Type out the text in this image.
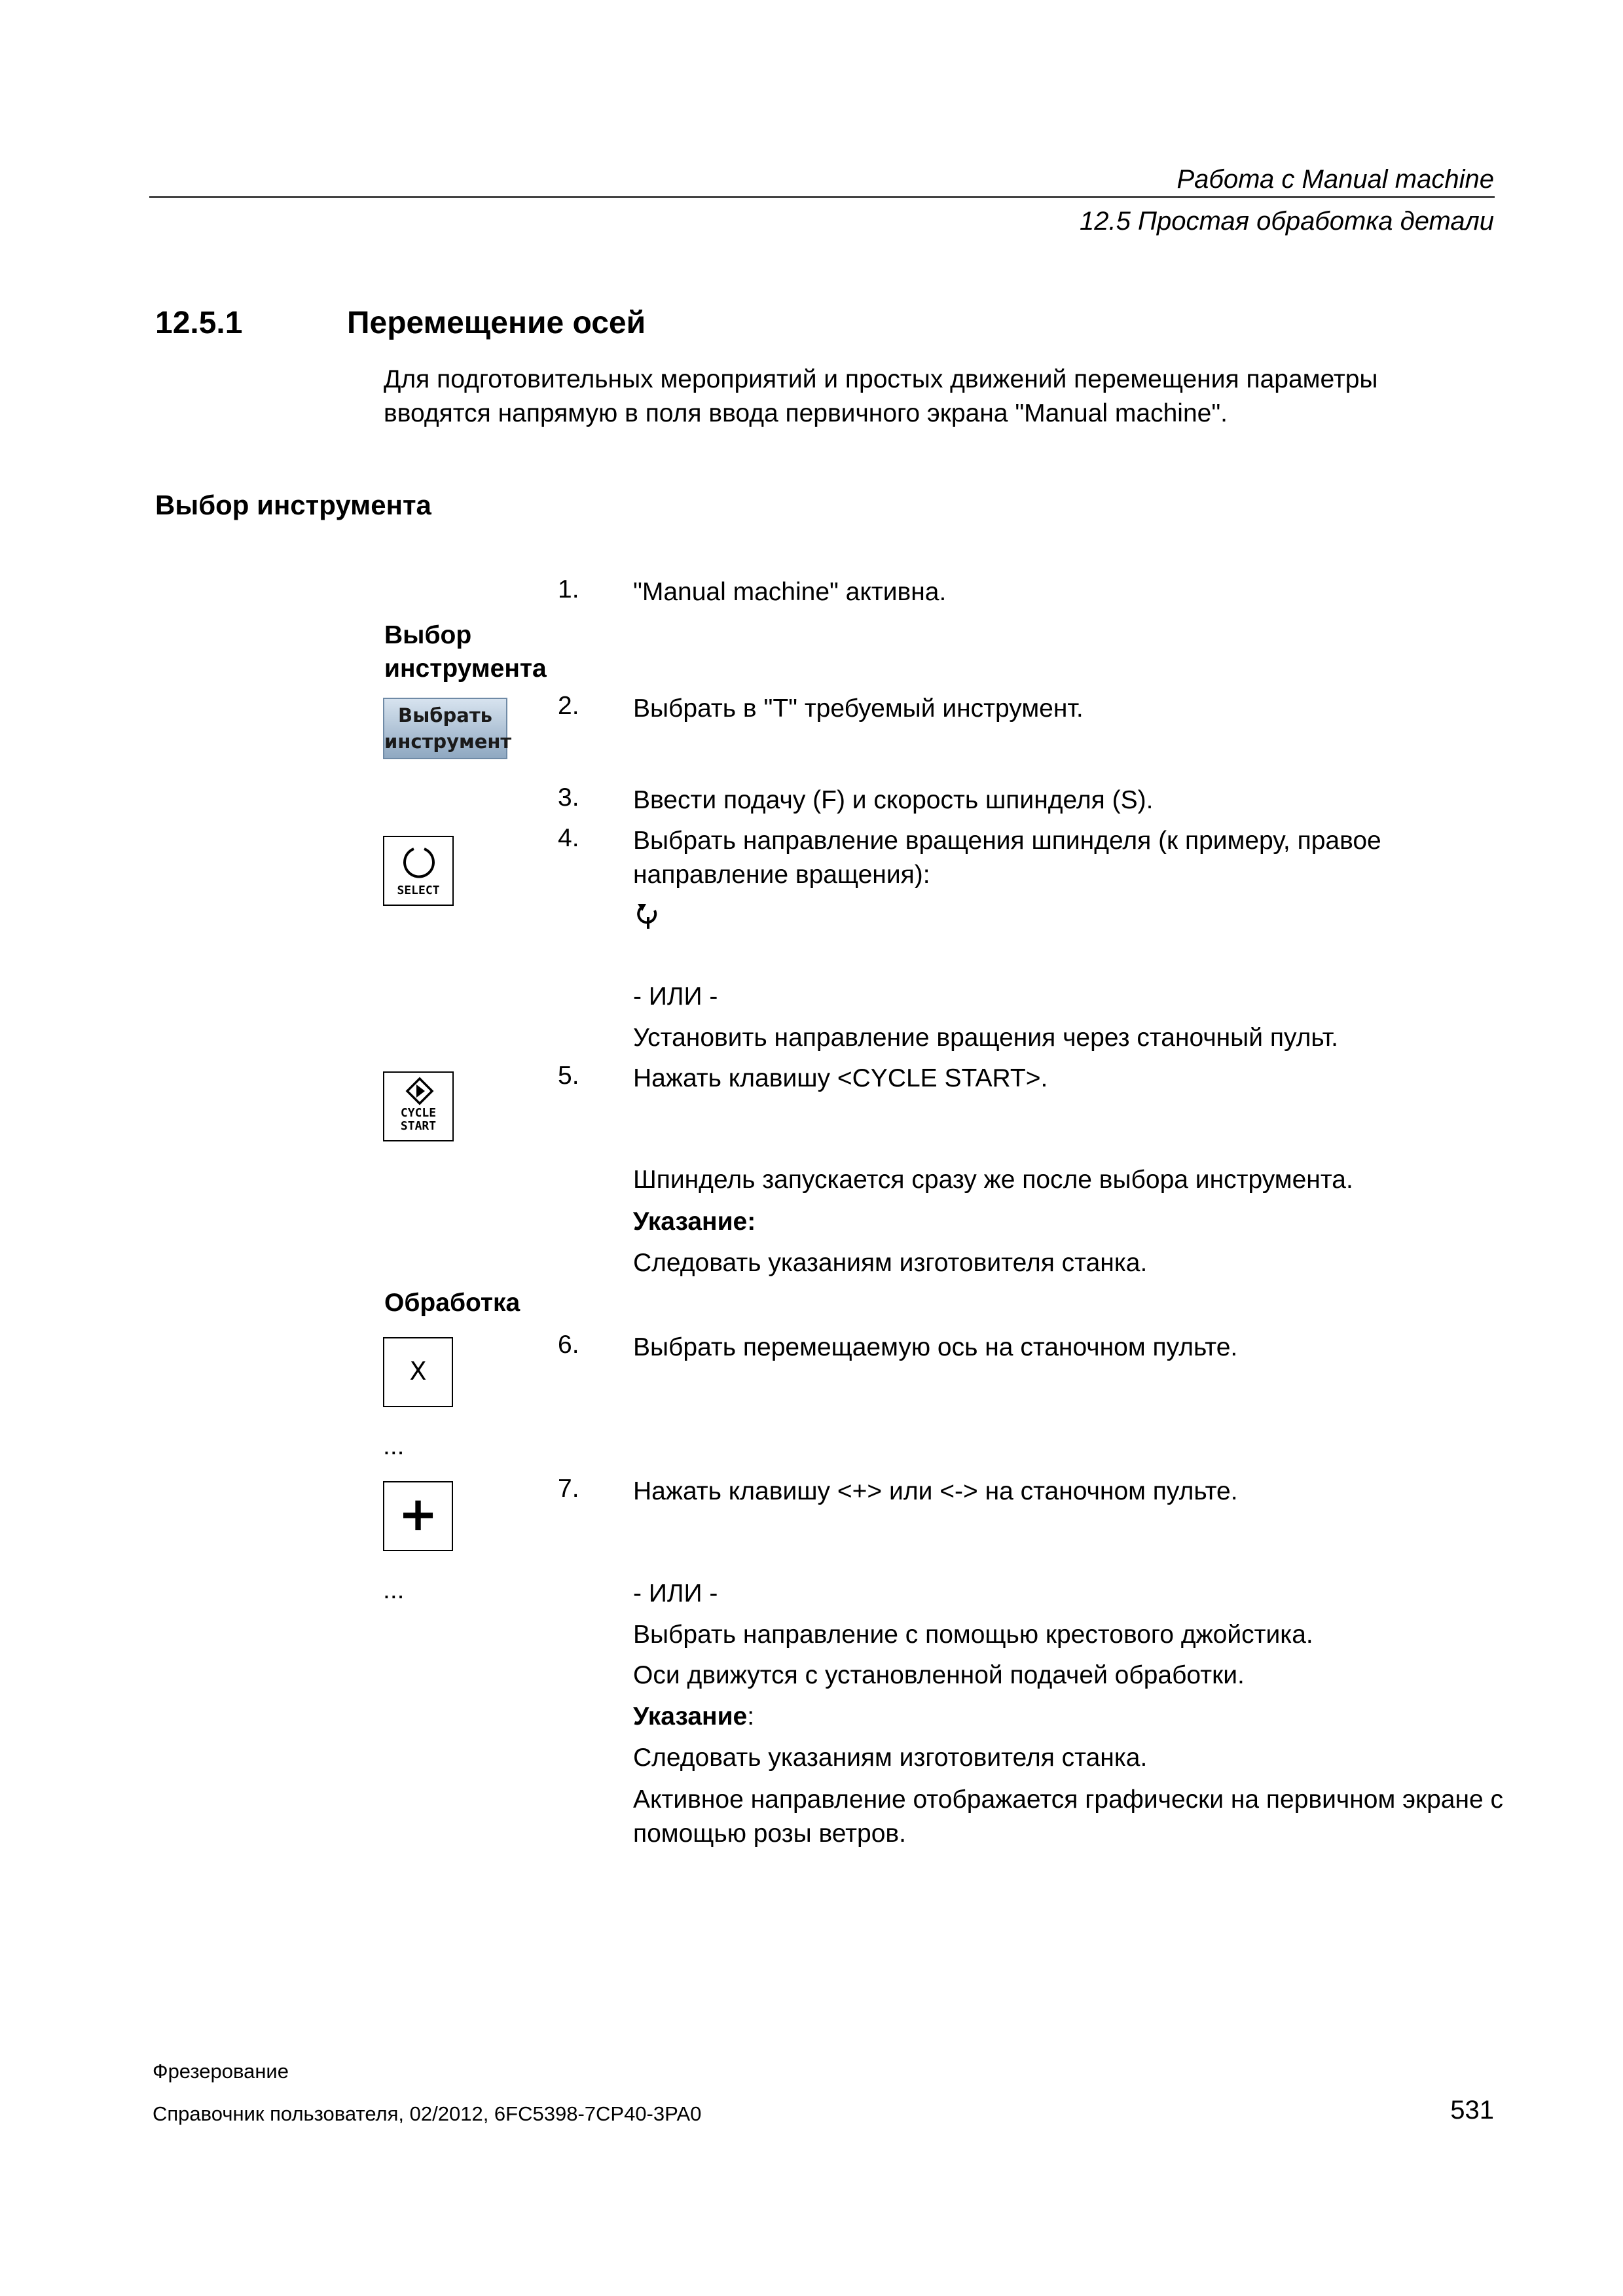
Работа с Manual machine
12.5 Простая обработка детали
12.5.1	Перемещение осей
Для подготовительных мероприятий и простых движений перемещения параметры вводятся напрямую в поля ввода первичного экрана "Manual machine".
Выбор инструмента
Выбор
инструмента
Выбрать
инструмент
SELECT
CYCLE
START
Обработка
X
...
+
...
1. "Manual machine" активна.
2. Выбрать в "T" требуемый инструмент.
3. Ввести подачу (F) и скорость шпинделя (S).
4. Выбрать направление вращения шпинделя (к примеру, правое направление вращения):
- ИЛИ -
Установить направление вращения через станочный пульт.
5. Нажать клавишу <CYCLE START>.
Шпиндель запускается сразу же после выбора инструмента.
Указание:
Следовать указаниям изготовителя станка.
6. Выбрать перемещаемую ось на станочном пульте.
7. Нажать клавишу <+> или <-> на станочном пульте.
- ИЛИ -
Выбрать направление с помощью крестового джойстика.
Оси движутся с установленной подачей обработки.
Указание:
Следовать указаниям изготовителя станка.
Активное направление отображается графически на первичном экране с помощью розы ветров.
Фрезерование
Справочник пользователя, 02/2012, 6FC5398-7CP40-3PA0	531
